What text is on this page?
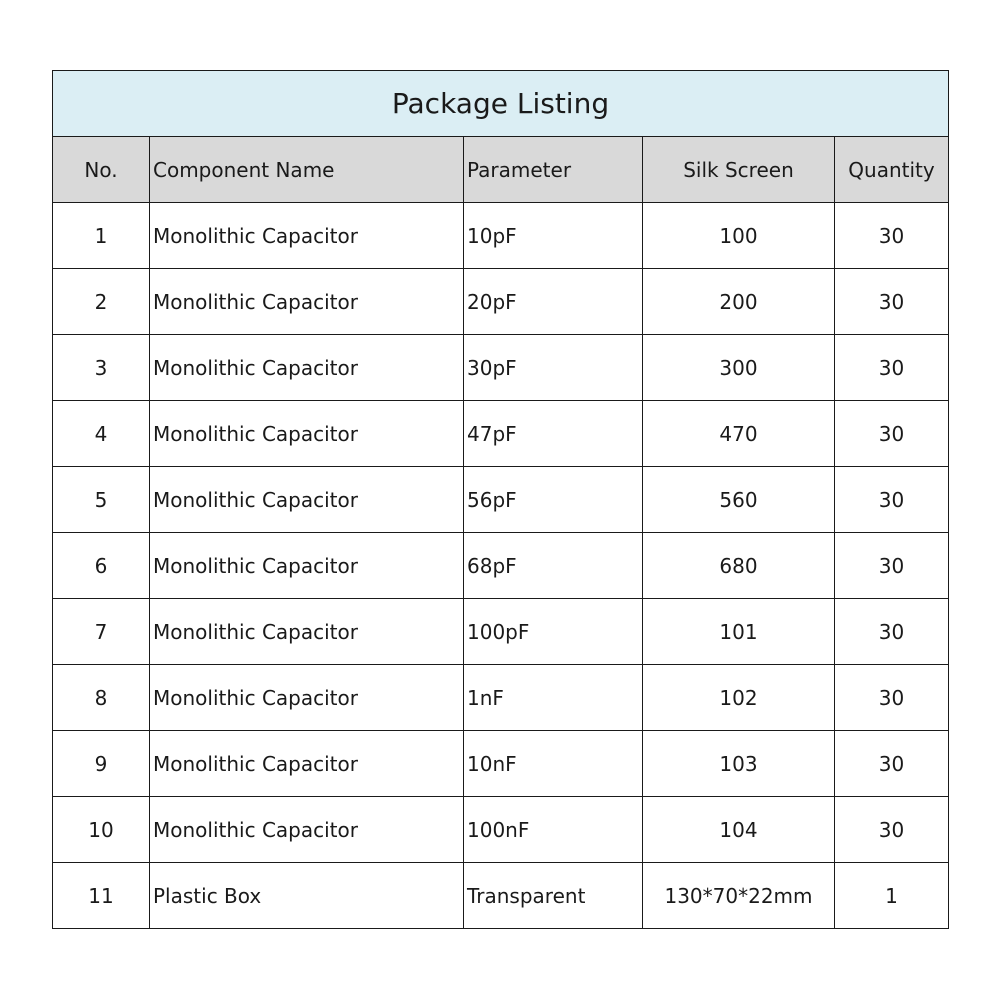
Package Listing				
No.	Component Name	Parameter	Silk Screen	Quantity
1	Monolithic Capacitor	10pF	100	30
2	Monolithic Capacitor	20pF	200	30
3	Monolithic Capacitor	30pF	300	30
4	Monolithic Capacitor	47pF	470	30
5	Monolithic Capacitor	56pF	560	30
6	Monolithic Capacitor	68pF	680	30
7	Monolithic Capacitor	100pF	101	30
8	Monolithic Capacitor	1nF	102	30
9	Monolithic Capacitor	10nF	103	30
10	Monolithic Capacitor	100nF	104	30
11	Plastic Box	Transparent	130*70*22mm	1
